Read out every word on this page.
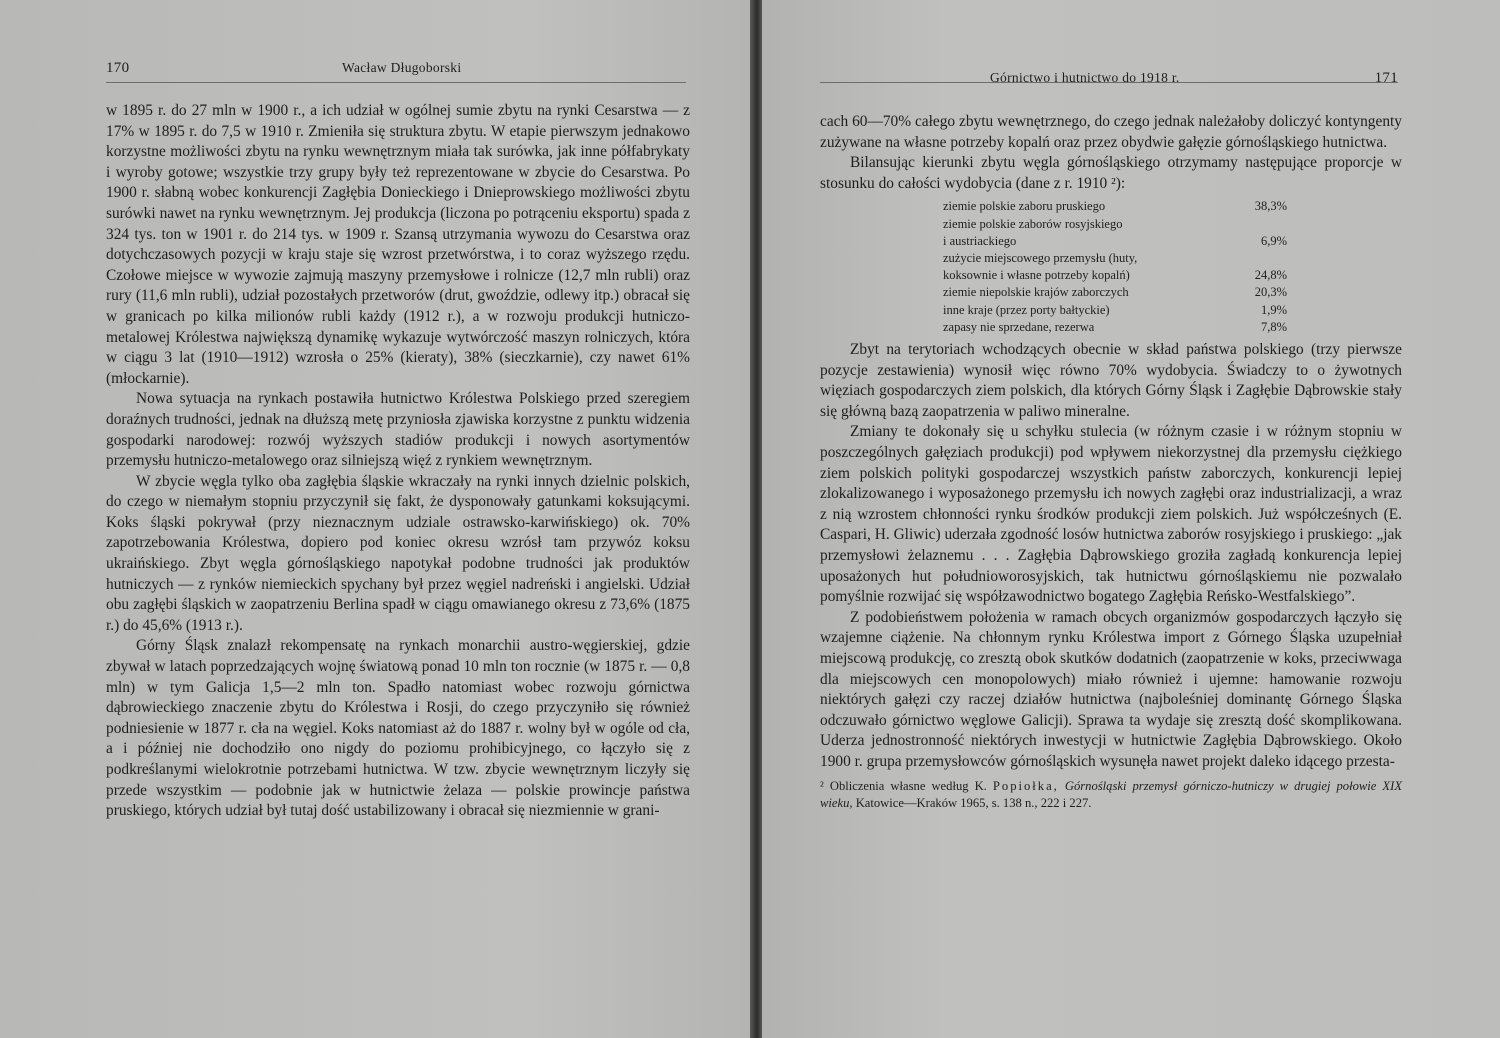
170	Wacław Długoborski

w 1895 r. do 27 mln w 1900 r., a ich udział w ogólnej sumie zbytu na rynki Cesarstwa — z 17% w 1895 r. do 7,5 w 1910 r. Zmieniła się struktura zbytu. W etapie pierwszym jednakowo korzystne możliwości zbytu na rynku wewnętrznym miała tak surówka, jak inne półfabrykaty i wyroby gotowe; wszystkie trzy grupy były też reprezentowane w zbycie do Cesarstwa. Po 1900 r. słabną wobec konkurencji Zagłębia Donieckiego i Dnieprowskiego możliwości zbytu surówki nawet na rynku wewnętrznym. Jej produkcja (liczona po potrąceniu eksportu) spada z 324 tys. ton w 1901 r. do 214 tys. w 1909 r. Szansą utrzymania wywozu do Cesarstwa oraz dotychczasowych pozycji w kraju staje się wzrost przetwórstwa, i to coraz wyższego rzędu. Czołowe miejsce w wywozie zajmują maszyny przemysłowe i rolnicze (12,7 mln rubli) oraz rury (11,6 mln rubli), udział pozostałych przetworów (drut, gwoździe, odlewy itp.) obracał się w granicach po kilka milionów rubli każdy (1912 r.), a w rozwoju produkcji hutniczo-metalowej Królestwa największą dynamikę wykazuje wytwórczość maszyn rolniczych, która w ciągu 3 lat (1910—1912) wzrosła o 25% (kieraty), 38% (sieczkarnie), czy nawet 61% (młockarnie).

Nowa sytuacja na rynkach postawiła hutnictwo Królestwa Polskiego przed szeregiem doraźnych trudności, jednak na dłuższą metę przyniosła zjawiska korzystne z punktu widzenia gospodarki narodowej: rozwój wyższych stadiów produkcji i nowych asortymentów przemysłu hutniczo-metalowego oraz silniejszą więź z rynkiem wewnętrznym.

W zbycie węgla tylko oba zagłębia śląskie wkraczały na rynki innych dzielnic polskich, do czego w niemałym stopniu przyczynił się fakt, że dysponowały gatunkami koksującymi. Koks śląski pokrywał (przy nieznacznym udziale ostrawsko-karwińskiego) ok. 70% zapotrzebowania Królestwa, dopiero pod koniec okresu wzrósł tam przywóz koksu ukraińskiego. Zbyt węgla górnośląskiego napotykał podobne trudności jak produktów hutniczych — z rynków niemieckich spychany był przez węgiel nadreński i angielski. Udział obu zagłębi śląskich w zaopatrzeniu Berlina spadł w ciągu omawianego okresu z 73,6% (1875 r.) do 45,6% (1913 r.).

Górny Śląsk znalazł rekompensatę na rynkach monarchii austro-węgierskiej, gdzie zbywał w latach poprzedzających wojnę światową ponad 10 mln ton rocznie (w 1875 r. — 0,8 mln) w tym Galicja 1,5—2 mln ton. Spadło natomiast wobec rozwoju górnictwa dąbrowieckiego znaczenie zbytu do Królestwa i Rosji, do czego przyczyniło się również podniesienie w 1877 r. cła na węgiel. Koks natomiast aż do 1887 r. wolny był w ogóle od cła, a i później nie dochodziło ono nigdy do poziomu prohibicyjnego, co łączyło się z podkreślanymi wielokrotnie potrzebami hutnictwa. W tzw. zbycie wewnętrznym liczyły się przede wszystkim — podobnie jak w hutnictwie żelaza — polskie prowincje państwa pruskiego, których udział był tutaj dość ustabilizowany i obracał się niezmiennie w grani-

Górnictwo i hutnictwo do 1918 r.	171

cach 60—70% całego zbytu wewnętrznego, do czego jednak należałoby doliczyć kontyngenty zużywane na własne potrzeby kopalń oraz przez obydwie gałęzie górnośląskiego hutnictwa.

Bilansując kierunki zbytu węgla górnośląskiego otrzymamy następujące proporcje w stosunku do całości wydobycia (dane z r. 1910 ²):

ziemie polskie zaboru pruskiego	38,3%
ziemie polskie zaborów rosyjskiego	
i austriackiego	6,9%
zużycie miejscowego przemysłu (huty,	
koksownie i własne potrzeby kopalń)	24,8%
ziemie niepolskie krajów zaborczych	20,3%
inne kraje (przez porty bałtyckie)	1,9%
zapasy nie sprzedane, rezerwa	7,8%

Zbyt na terytoriach wchodzących obecnie w skład państwa polskiego (trzy pierwsze pozycje zestawienia) wynosił więc równo 70% wydobycia. Świadczy to o żywotnych więziach gospodarczych ziem polskich, dla których Górny Śląsk i Zagłębie Dąbrowskie stały się główną bazą zaopatrzenia w paliwo mineralne.

Zmiany te dokonały się u schyłku stulecia (w różnym czasie i w różnym stopniu w poszczególnych gałęziach produkcji) pod wpływem niekorzystnej dla przemysłu ciężkiego ziem polskich polityki gospodarczej wszystkich państw zaborczych, konkurencji lepiej zlokalizowanego i wyposażonego przemysłu ich nowych zagłębi oraz industrializacji, a wraz z nią wzrostem chłonności rynku środków produkcji ziem polskich. Już współcześnych (E. Caspari, H. Gliwic) uderzała zgodność losów hutnictwa zaborów rosyjskiego i pruskiego: „jak przemysłowi żelaznemu . . . Zagłębia Dąbrowskiego groziła zagładą konkurencja lepiej uposażonych hut południoworosyjskich, tak hutnictwu górnośląskiemu nie pozwalało pomyślnie rozwijać się współzawodnictwo bogatego Zagłębia Reńsko-Westfalskiego”.

Z podobieństwem położenia w ramach obcych organizmów gospodarczych łączyło się wzajemne ciążenie. Na chłonnym rynku Królestwa import z Górnego Śląska uzupełniał miejscową produkcję, co zresztą obok skutków dodatnich (zaopatrzenie w koks, przeciwwaga dla miejscowych cen monopolowych) miało również i ujemne: hamowanie rozwoju niektórych gałęzi czy raczej działów hutnictwa (najboleśniej dominantę Górnego Śląska odczuwało górnictwo węglowe Galicji). Sprawa ta wydaje się zresztą dość skomplikowana. Uderza jednostronność niektórych inwestycji w hutnictwie Zagłębia Dąbrowskiego. Około 1900 r. grupa przemysłowców górnośląskich wysunęła nawet projekt daleko idącego przesta-

² Obliczenia własne według K. Popiołka, Górnośląski przemysł górniczo-hutniczy w drugiej połowie XIX wieku, Katowice—Kraków 1965, s. 138 n., 222 i 227.
